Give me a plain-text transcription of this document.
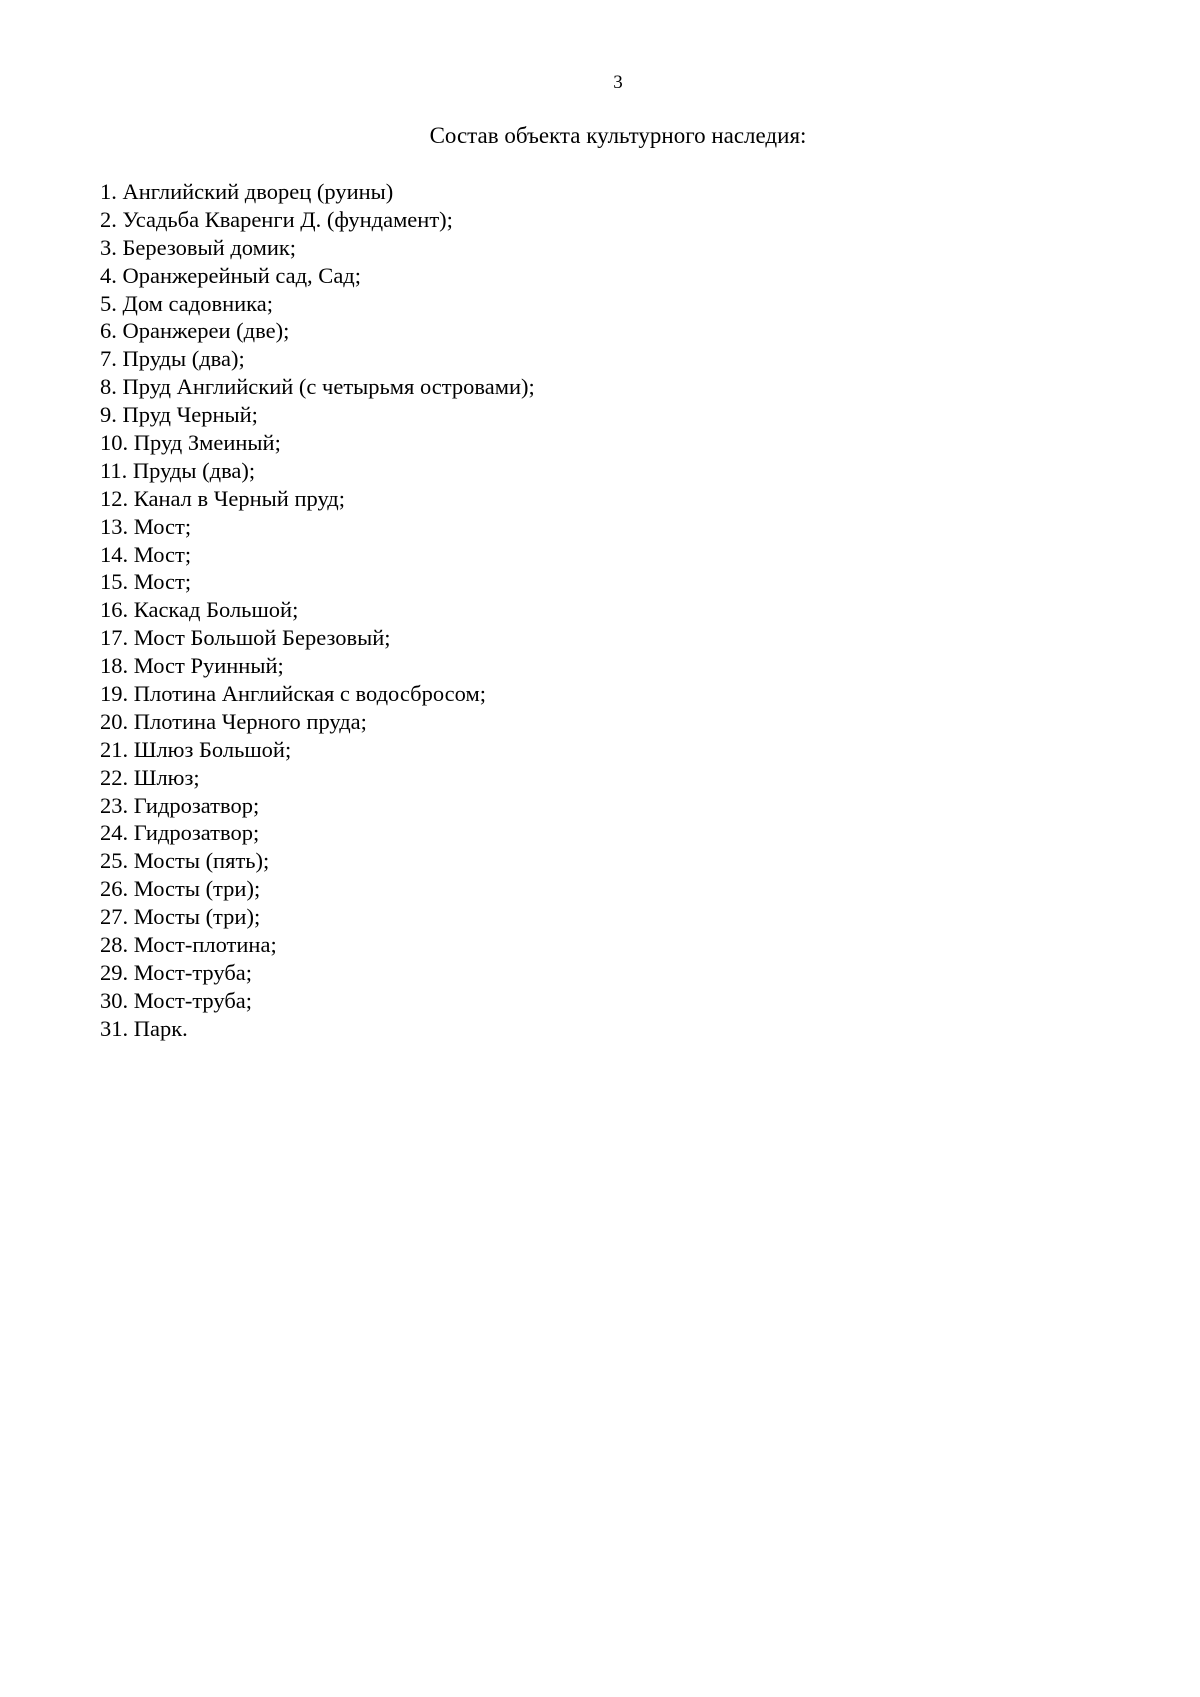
3
Состав объекта культурного наследия:
1. Английский дворец (руины)
2. Усадьба Кваренги Д. (фундамент);
3. Березовый домик;
4. Оранжерейный сад, Сад;
5. Дом садовника;
6. Оранжереи (две);
7. Пруды (два);
8. Пруд Английский (с четырьмя островами);
9. Пруд Черный;
10. Пруд Змеиный;
11. Пруды (два);
12. Канал в Черный пруд;
13. Мост;
14. Мост;
15. Мост;
16. Каскад Большой;
17. Мост Большой Березовый;
18. Мост Руинный;
19. Плотина Английская с водосбросом;
20. Плотина Черного пруда;
21. Шлюз Большой;
22. Шлюз;
23. Гидрозатвор;
24. Гидрозатвор;
25. Мосты (пять);
26. Мосты (три);
27. Мосты (три);
28. Мост-плотина;
29. Мост-труба;
30. Мост-труба;
31. Парк.
